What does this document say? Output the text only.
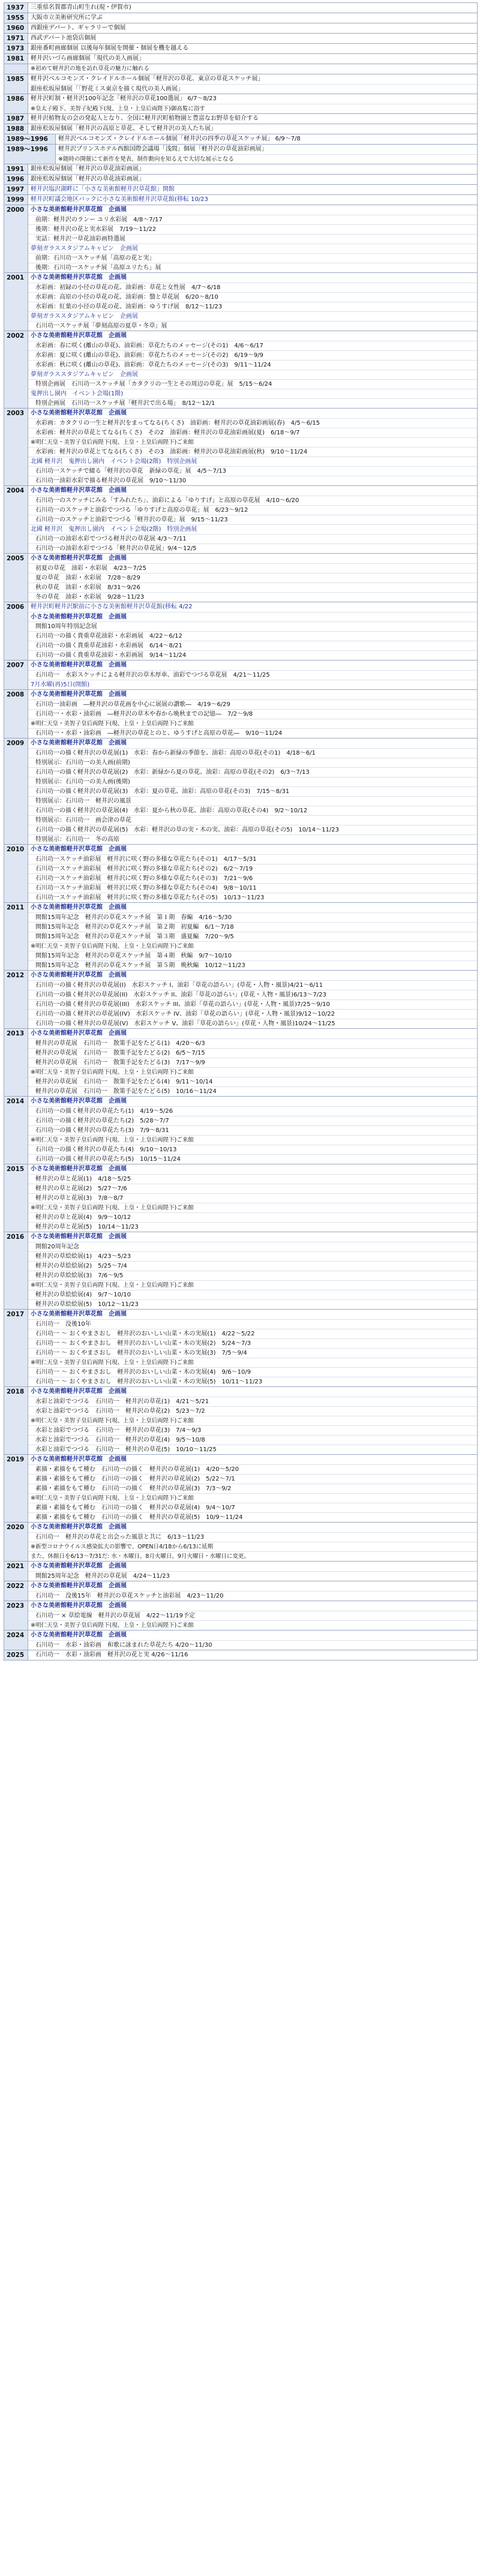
1937	三重県名賀郡青山町生れ(現・伊賀市)
1955	大阪市立美術研究所に学ぶ
1960	西銀座デパート、ギャラリーで個展
1971	西武デパート池袋店個展
1973	銀座番町画廊個展 以後毎年個展を開催・個展を機を越える
1981	軽井沢いづら画廊個展「現代の美人画展」
※初めて軽井沢の地を訪れ草花の魅力に触れる
1985	軽井沢ベルコモンズ・クレイドルホール個展「軽井沢の草花、東京の草花スケッチ展」
銀座松坂屋個展「「野花ミス東京を描く現代の美人画展」
1986	軽井沢町制・軽井沢100年記念「軽井沢の草花100選展」 6/7〜8/23
※皇太子殿下、美智子妃殿下(現、上皇・上皇后両陛下)御高覧に浴す
1987	軽井沢植物友の会の発起人となり、全国に軽井沢町植物園と豊富なお野草を紹介する
1988	銀座松坂屋個展「軽井沢の高原と草花、そして軽井沢の美人たち展」
1989〜1996	軽井沢ベルコモンズ・クレイドルホール個展「軽井沢の四季の草花スケッチ展」 6/9〜7/8
1989〜1996	軽井沢プリンスホテル西館国際会議場「浅間」個展「軽井沢の草花油彩画展」
※随時の開催にて新作を発表、制作動向を知るえで大切な展示となる
1991	銀座松坂屋個展「軽井沢の草花油彩画展」
1996	銀座松坂屋個展「軽井沢の草花油彩画展」
1997	軽井沢塩沢湖畔に「小さな美術館軽井沢草花館」開館
1999	軽井沢町議会地区バックに小さな美術館軽井沢草花館(移転 10/23
2000	小さな美術館軽井沢草花館　企画展
前期：軽井沢のランー ユリ水彩展　4/8〜7/17
後期：軽井沢の花と実水彩展　7/19〜11/22
実話：軽井沢一草花油彩画特選展
夢刻ガラススタジアムキャビン　企画展
前期：石川功一スケッチ展「高原の花と実」
後期：石川功一スケッチ展「高原ユリたち」展
2001	小さな美術館軽井沢草花館　企画展
水彩画：初録の小径の草花の花、油彩画：草花と女性展　4/7〜6/18
水彩画：高原の小径の草花の花、油彩画：翳と草花展　6/20〜8/10
水彩画：紅葉の小径の草花の花、油彩画：ゆうすげ展　8/12〜11/23
夢刻ガラススタジアムキャビン　企画展
石川功一スケッチ展「夢刻高原の夏草・冬草」展
2002	小さな美術館軽井沢草花館　企画展
水彩画：春に咲く(離山の草花)、油彩画：草花たちのメッセージ(その1)　4/6〜6/17
水彩画：夏に咲く(離山の草花)、油彩画：草花たちのメッセージ(その2)　6/19〜9/9
水彩画：秋に咲く(離山の草花)、油彩画：草花たちのメッセージ(その3)　9/11〜11/24
夢刻ガラススタジアムキャビン　企画展
特別企画展　石川功一スケッチ展「カタクリの一生とその周辺の草花」展　5/15〜6/24
鬼押出し園内　イベント会場(1階)
特別企画展　石川功一スケッチ展「軽井沢で出る場」　8/12〜12/1
2003	小さな美術館軽井沢草花館　企画展
水彩画：カタクリの一生と軽井沢をまってなる(ちくさ)　油彩画：軽井沢の草花油彩画展(春)　4/5〜6/15
水彩画：軽井沢の草花とてなる(ちくさ)　その2　油彩画：軽井沢の草花油彩画展(夏)　6/18〜9/7
※明仁天皇・美智子皇后両陛下(現、上皇・上皇后両陛下)ご来館
水彩画：軽井沢の草花とてなる(ちくさ)　その3　油彩画：軽井沢の草花油彩画展(秋)　9/10〜11/24
北國 軽井沢　鬼押出し園内　イベント会場(2階)　特別企画展
石川功一スケッチで綴る「軽井沢の草花　新緑の草花」展　4/5〜7/13
石川功一油彩水彩で描る軽井沢の草花展　9/10〜11/30
2004	小さな美術館軽井沢草花館　企画展
石川功一のスケッチにみる「すみれたち」、油彩による「ゆりすげ」と高原の草花展　4/10〜6/20
石川功一のスケッチと油彩でつづる「ゆりすげと高原の草花」展　6/23〜9/12
石川功一のスケッチと油彩でつづる「軽井沢の草花」展　9/15〜11/23
北國 軽井沢　鬼押出し園内　イベント会場(2階)　特別企画展
石川功一の油彩水彩でつづる軽井沢の草花展 4/3〜7/11
石川功一の油彩水彩でつづる「軽井沢の草花展」9/4〜12/5
2005	小さな美術館軽井沢草花館　企画展
初夏の草花　油彩・水彩展　4/23〜7/25
夏の草花　油彩・水彩展　7/28〜8/29
秋の草花　油彩・水彩展　8/31〜9/26
冬の草花　油彩・水彩展　9/28〜11/23
2006	軽井沢町軽井沢駅前に小さな美術館軽井沢草花館(移転 4/22
小さな美術館軽井沢草花館　企画展
開館10周年特別記念展
石川功一の描く貴重草花油彩・水彩画展　4/22〜6/12
石川功一の描く貴重草花油彩・水彩画展　6/14〜8/21
石川功一の描く貴重草花油彩・水彩画展　9/14〜11/24
2007	小さな美術館軽井沢草花館　企画展
石川功一　水彩スケッチによる軽井沢の草木厚車、油彩でつづる草花展　4/21〜11/25
7月水曜(再)5日(開館)
2008	小さな美術館軽井沢草花館　企画展
石川功一油彩画　―軽井沢の草花画を中心に展展の讃歌―　4/19〜6/29
石川功一・水彩・油彩画　―軽井沢の草木や春から晩秋までの記憶―　7/2〜9/8
※明仁天皇・美智子皇后両陛下(現、上皇・上皇后両陛下)ご来館
石川功一・水彩・油彩画　―軽井沢の草花とのと、ゆうすげと高原の草花―　9/10〜11/24
2009	小さな美術館軽井沢草花館　企画展
石川功一の描く軽井沢の草花展(1)　水彩：春から新緑の季節を、油彩：高原の草花(その1)　4/18〜6/1
特別展示：石川功一の美人画(前期)
石川功一の描く軽井沢の草花展(2)　水彩：新緑から夏の草花、油彩：高原の草花(その2)　6/3〜7/13
特別展示：石川功一の美人画(後期)
石川功一の描く軽井沢の草花展(3)　水彩：夏の草花、油彩：高原の草花(その3)　7/15〜8/31
特別展示：石川功一　軽井沢の風景
石川功一の描く軽井沢の草花展(4)　水彩：夏から秋の草花、油彩：高原の草花(その4)　9/2〜10/12
特別展示：石川功一　画会津の草花
石川功一の描く軽井沢の草花展(5)　水彩：軽井沢の草の実・木の実、油彩：高原の草花(その5)　10/14〜11/23
特別展示：石川功一　冬の高原
2010	小さな美術館軽井沢草花館　企画展
石川功一スケッチ油彩展　軽井沢に咲く野の多様な草花たち(その1)　4/17〜5/31
石川功一スケッチ油彩展　軽井沢に咲く野の多様な草花たち(その2)　6/2〜7/19
石川功一スケッチ油彩展　軽井沢に咲く野の多様な草花たち(その3)　7/21〜9/6
石川功一スケッチ油彩展　軽井沢に咲く野の多様な草花たち(その4)　9/8〜10/11
石川功一スケッチ油彩展　軽井沢に咲く野の多様な草花たち(その5)　10/13〜11/23
2011	小さな美術館軽井沢草花館　企画展
開館15周年記念　軽井沢の草花スケッチ展　第１期　春編　4/16〜5/30
開館15周年記念　軽井沢の草花スケッチ展　第２期　初夏編　6/1〜7/18
開館15周年記念　軽井沢の草花スケッチ展　第３期　盛夏編　7/20〜9/5
※明仁天皇・美智子皇后両陛下(現、上皇・上皇后両陛下)ご来館
開館15周年記念　軽井沢の草花スケッチ展　第４期　秋編　9/7〜10/10
開館15周年記念　軽井沢の草花スケッチ展　第５期　晩秋編　10/12〜11/23
2012	小さな美術館軽井沢草花館　企画展
石川功一の描く軽井沢の草花展(I)　水彩スケッチ I、油彩「草花の語らい」(草花・人物・風景)4/21〜6/11
石川功一の描く軽井沢の草花展(II)　水彩スケッチ II、油彩「草花の語らい」(草花・人物・風景)6/13〜7/23
石川功一の描く軽井沢の草花展(III)　水彩スケッチ III、油彩「草花の語らい」(草花・人物・風景)7/25〜9/10
石川功一の描く軽井沢の草花展(IV)　水彩スケッチ IV、油彩「草花の語らい」(草花・人物・風景)9/12〜10/22
石川功一の描く軽井沢の草花展(V)　水彩スケッチ V、油彩「草花の語らい」(草花・人物・風景)10/24〜11/25
2013	小さな美術館軽井沢草花館　企画展
軽井沢の草花展　石川功一　散策手記をたどる(1)　4/20〜6/3
軽井沢の草花展　石川功一　散策手記をたどる(2)　6/5〜7/15
軽井沢の草花展　石川功一　散策手記をたどる(3)　7/17〜9/9
※明仁天皇・美智子皇后両陛下(現、上皇・上皇后両陛下)ご来館
軽井沢の草花展　石川功一　散策手記をたどる(4)　9/11〜10/14
軽井沢の草花展　石川功一　散策手記をたどる(5)　10/16〜11/24
2014	小さな美術館軽井沢草花館　企画展
石川功一の描く軽井沢の草花たち(1)　4/19〜5/26
石川功一の描く軽井沢の草花たち(2)　5/28〜7/7
石川功一の描く軽井沢の草花たち(3)　7/9〜8/31
※明仁天皇・美智子皇后両陛下(現、上皇・上皇后両陛下)ご来館
石川功一の描く軽井沢の草花たち(4)　9/10〜10/13
石川功一の描く軽井沢の草花たち(5)　10/15〜11/24
2015	小さな美術館軽井沢草花館　企画展
軽井沢の草と花展(1)　4/18〜5/25
軽井沢の草と花展(2)　5/27〜7/6
軽井沢の草と花展(3)　7/8〜8/7
※明仁天皇・美智子皇后両陛下(現、上皇・上皇后両陛下)ご来館
軽井沢の草と花展(4)　9/9〜10/12
軽井沢の草と花展(5)　10/14〜11/23
2016	小さな美術館軽井沢草花館　企画展
開館20周年記念
軽井沢の草絵絵展(1)　4/23〜5/23
軽井沢の草絵絵展(2)　5/25〜7/4
軽井沢の草絵絵展(3)　7/6〜9/5
※明仁天皇・美智子皇后両陛下(現、上皇・上皇后両陛下)ご来館
軽井沢の草絵絵展(4)　9/7〜10/10
軽井沢の草絵絵展(5)　10/12〜11/23
2017	小さな美術館軽井沢草花館　企画展
石川功一　没後10年
石川功一 ～ おくやまさおし　軽井沢のおいしい山菜・木の実展(1)　4/22〜5/22
石川功一 ～ おくやまさおし　軽井沢のおいしい山菜・木の実展(2)　5/24〜7/3
石川功一 ～ おくやまさおし　軽井沢のおいしい山菜・木の実展(3)　7/5〜9/4
※明仁天皇・美智子皇后両陛下(現、上皇・上皇后両陛下)ご来館
石川功一 ～ おくやまさおし　軽井沢のおいしい山菜・木の実展(4)　9/6〜10/9
石川功一 ～ おくやまさおし　軽井沢のおいしい山菜・木の実展(5)　10/11〜11/23
2018	小さな美術館軽井沢草花館　企画展
水彩と油彩でつづる　石川功一　軽井沢の草花(1)　4/21〜5/21
水彩と油彩でつづる　石川功一　軽井沢の草花(2)　5/23〜7/2
※明仁天皇・美智子皇后両陛下(現、上皇・上皇后両陛下)ご来館
水彩と油彩でつづる　石川功一　軽井沢の草花(3)　7/4〜9/3
水彩と油彩でつづる　石川功一　軽井沢の草花(4)　9/5〜10/8
水彩と油彩でつづる　石川功一　軽井沢の草花(5)　10/10〜11/25
2019	小さな美術館軽井沢草花館　企画展
素描・素描をもて種む　石川功一の描く　軽井沢の草花展(1)　4/20〜5/20
素描・素描をもて種む　石川功一の描く　軽井沢の草花展(2)　5/22〜7/1
素描・素描をもて種む　石川功一の描く　軽井沢の草花展(3)　7/3〜9/2
※明仁天皇・美智子皇后両陛下(現、上皇・上皇后両陛下)ご来館
素描・素描をもて種む　石川功一の描く　軽井沢の草花展(4)　9/4〜10/7
素描・素描をもて種む　石川功一の描く　軽井沢の草花展(5)　10/9〜11/24
2020	小さな美術館軽井沢草花館　企画展
石川功一　軽井沢の草花と出会った風景と共に　6/13〜11/23
※新型コロナウイルス感染拡大の影響で、OPEN日4/18から6/13に延期
また、休館日を6/13〜7/31だ: 水・木曜日、8月火曜日、9月火曜日・水曜日に変更。
2021	小さな美術館軽井沢草花館　企画展
開館25周年記念　軽井沢の草花展　4/24〜11/23
2022	小さな美術館軽井沢草花館　企画展
石川功一　没後15年　軽井沢の草花スケッチと油彩展　4/23〜11/20
2023	小さな美術館軽井沢草花館　企画展
石川功一 × 草絵電線　軽井沢の草花展　4/22〜11/19予定
※明仁天皇・美智子皇后両陛下(現、上皇・上皇后両陛下)ご来館
2024	小さな美術館軽井沢草花館　企画展
石川功一　水彩・油彩画　和歌に詠まれた草花たち 4/20〜11/30
2025	石川功一　水彩・油彩画　軽井沢の花と実 4/26〜11/16
